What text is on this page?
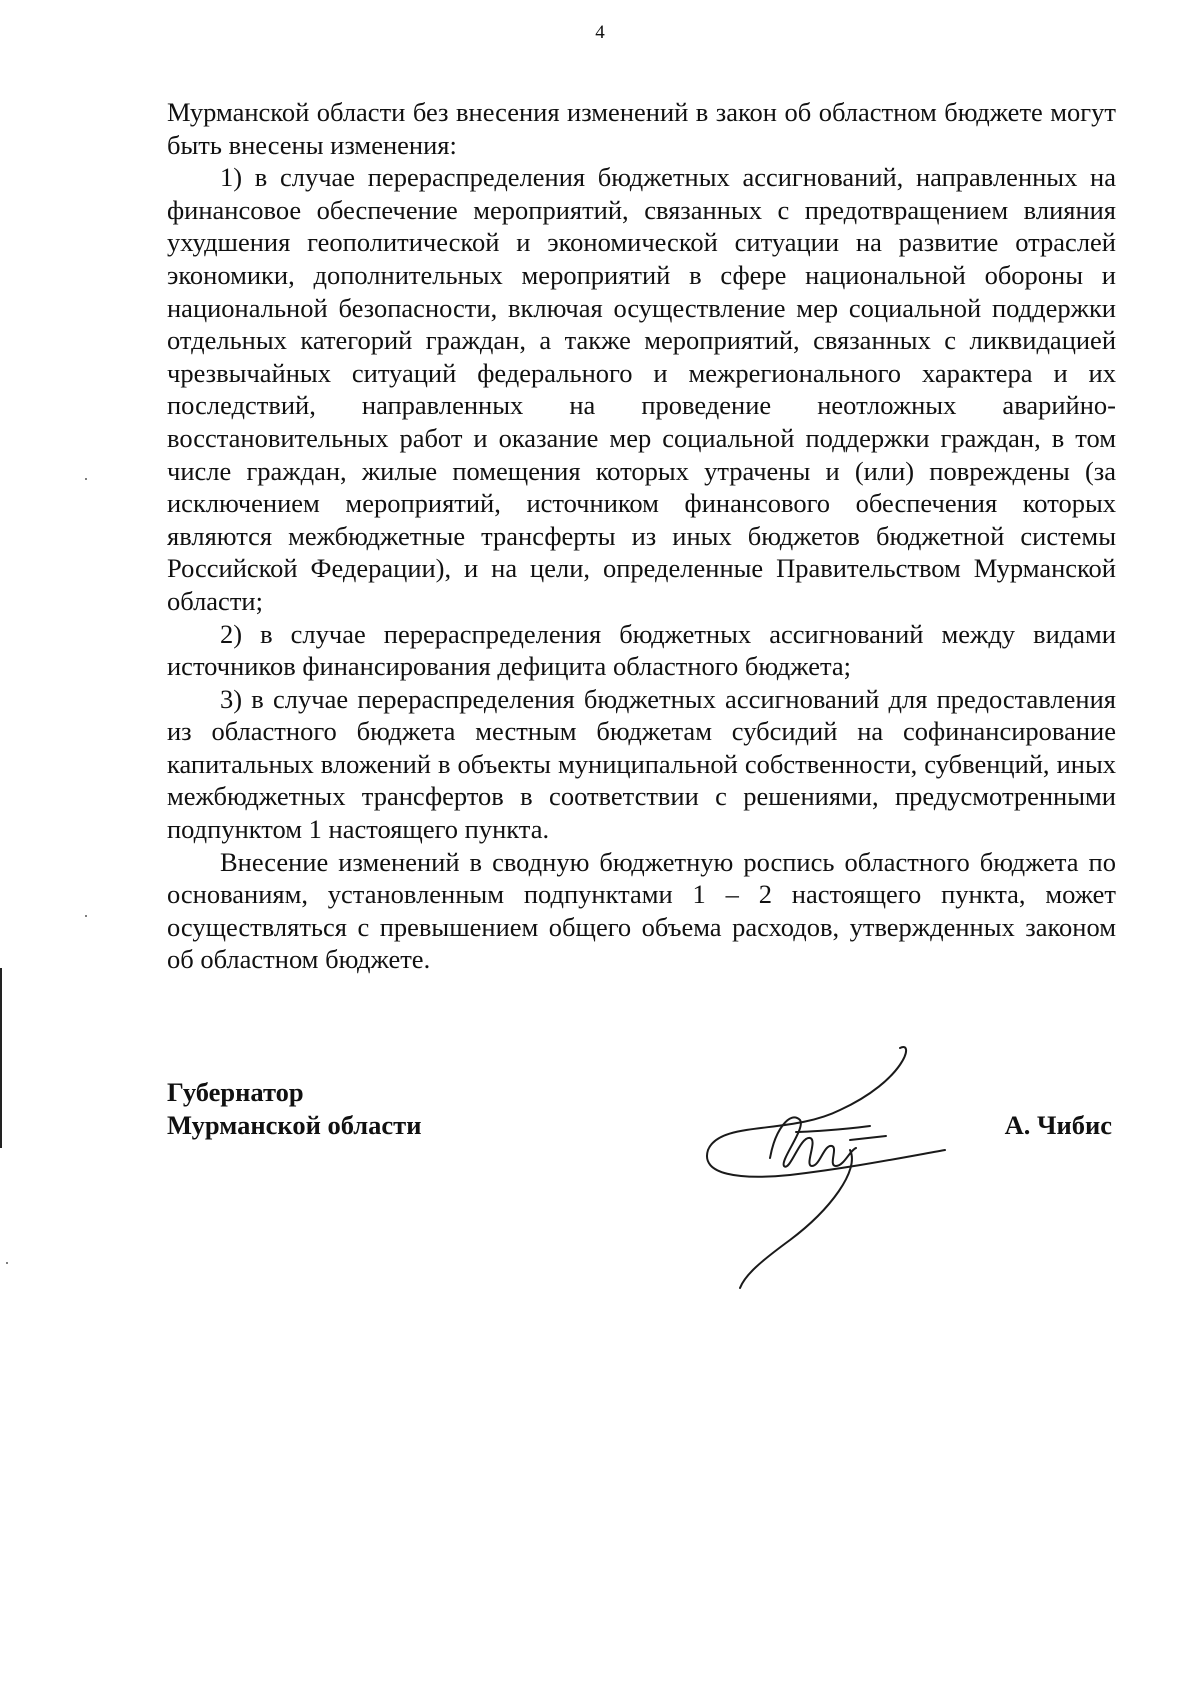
4

Мурманской области без внесения изменений в закон об областном бюджете могут быть внесены изменения:

1) в случае перераспределения бюджетных ассигнований, направленных на финансовое обеспечение мероприятий, связанных с предотвращением влияния ухудшения геополитической и экономической ситуации на развитие отраслей экономики, дополнительных мероприятий в сфере национальной обороны и национальной безопасности, включая осуществление мер социальной поддержки отдельных категорий граждан, а также мероприятий, связанных с ликвидацией чрезвычайных ситуаций федерального и межрегионального характера и их последствий, направленных на проведение неотложных аварийно-восстановительных работ и оказание мер социальной поддержки граждан, в том числе граждан, жилые помещения которых утрачены и (или) повреждены (за исключением мероприятий, источником финансового обеспечения которых являются межбюджетные трансферты из иных бюджетов бюджетной системы Российской Федерации), и на цели, определенные Правительством Мурманской области;

2) в случае перераспределения бюджетных ассигнований между видами источников финансирования дефицита областного бюджета;

3) в случае перераспределения бюджетных ассигнований для предоставления из областного бюджета местным бюджетам субсидий на софинансирование капитальных вложений в объекты муниципальной собственности, субвенций, иных межбюджетных трансфертов в соответствии с решениями, предусмотренными подпунктом 1 настоящего пункта.

Внесение изменений в сводную бюджетную роспись областного бюджета по основаниям, установленным подпунктами 1 – 2 настоящего пункта, может осуществляться с превышением общего объема расходов, утвержденных законом об областном бюджете.

Губернатор
Мурманской области	А. Чибис
